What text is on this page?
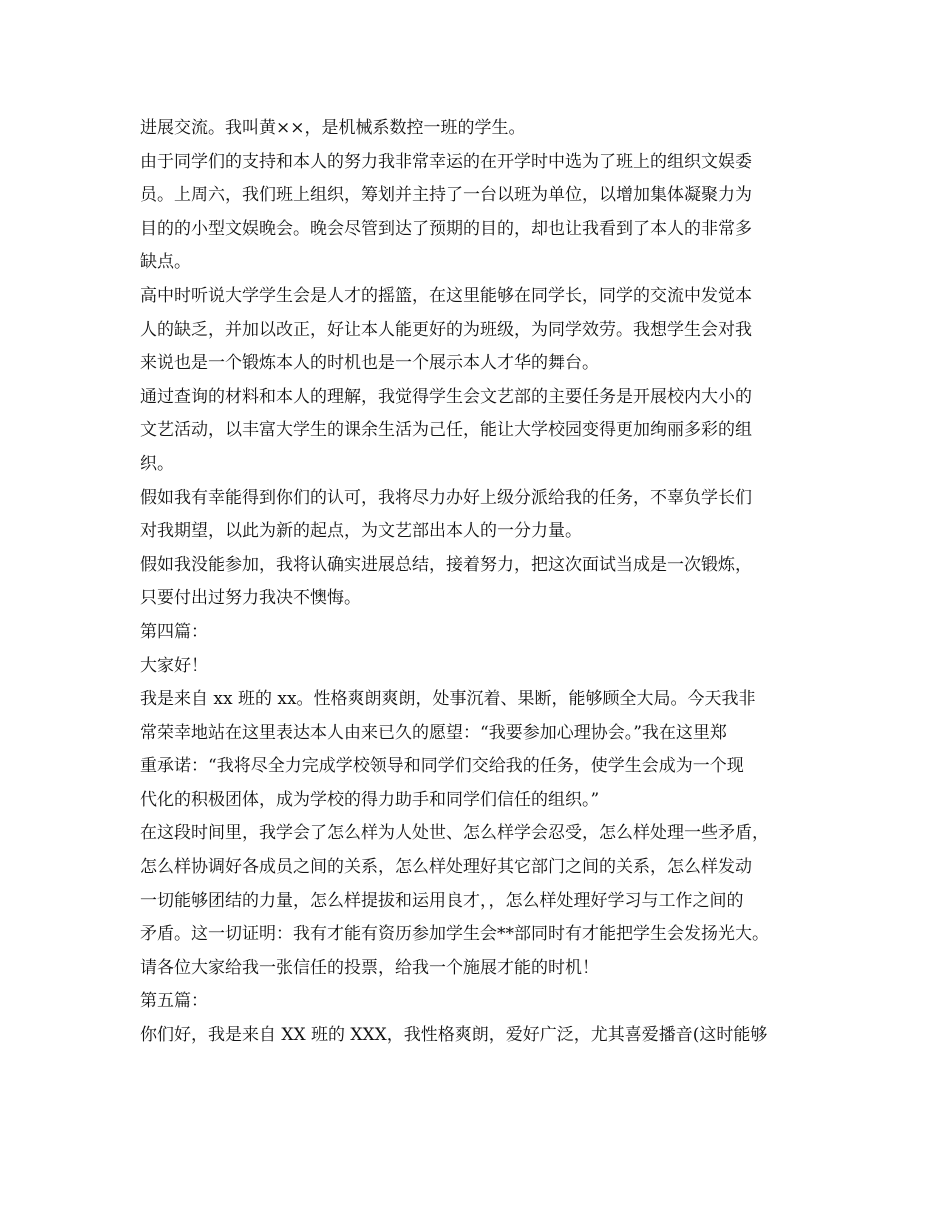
进展交流。我叫黄××，是机械系数控一班的学生。
由于同学们的支持和本人的努力我非常幸运的在开学时中选为了班上的组织文娱委
员。上周六，我们班上组织，筹划并主持了一台以班为单位，以增加集体凝聚力为
目的的小型文娱晚会。晚会尽管到达了预期的目的，却也让我看到了本人的非常多
缺点。
高中时听说大学学生会是人才的摇篮，在这里能够在同学长，同学的交流中发觉本
人的缺乏，并加以改正，好让本人能更好的为班级，为同学效劳。我想学生会对我
来说也是一个锻炼本人的时机也是一个展示本人才华的舞台。
通过查询的材料和本人的理解，我觉得学生会文艺部的主要任务是开展校内大小的
文艺活动，以丰富大学生的课余生活为己任，能让大学校园变得更加绚丽多彩的组
织。
假如我有幸能得到你们的认可，我将尽力办好上级分派给我的任务，不辜负学长们
对我期望，以此为新的起点，为文艺部出本人的一分力量。
假如我没能参加，我将认确实进展总结，接着努力，把这次面试当成是一次锻炼，
只要付出过努力我决不懊悔。
第四篇：
大家好！
我是来自 xx 班的 xx。性格爽朗爽朗，处事沉着、果断，能够顾全大局。今天我非
常荣幸地站在这里表达本人由来已久的愿望：“我要参加心理协会。”我在这里郑
重承诺：“我将尽全力完成学校领导和同学们交给我的任务，使学生会成为一个现
代化的积极团体，成为学校的得力助手和同学们信任的组织。”
在这段时间里，我学会了怎么样为人处世、怎么样学会忍受，怎么样处理一些矛盾，
怎么样协调好各成员之间的关系，怎么样处理好其它部门之间的关系，怎么样发动
一切能够团结的力量，怎么样提拔和运用良才，，怎么样处理好学习与工作之间的
矛盾。这一切证明：我有才能有资历参加学生会**部同时有才能把学生会发扬光大。
请各位大家给我一张信任的投票，给我一个施展才能的时机！
第五篇：
你们好，我是来自 XX 班的 XXX，我性格爽朗，爱好广泛，尤其喜爱播音(这时能够
